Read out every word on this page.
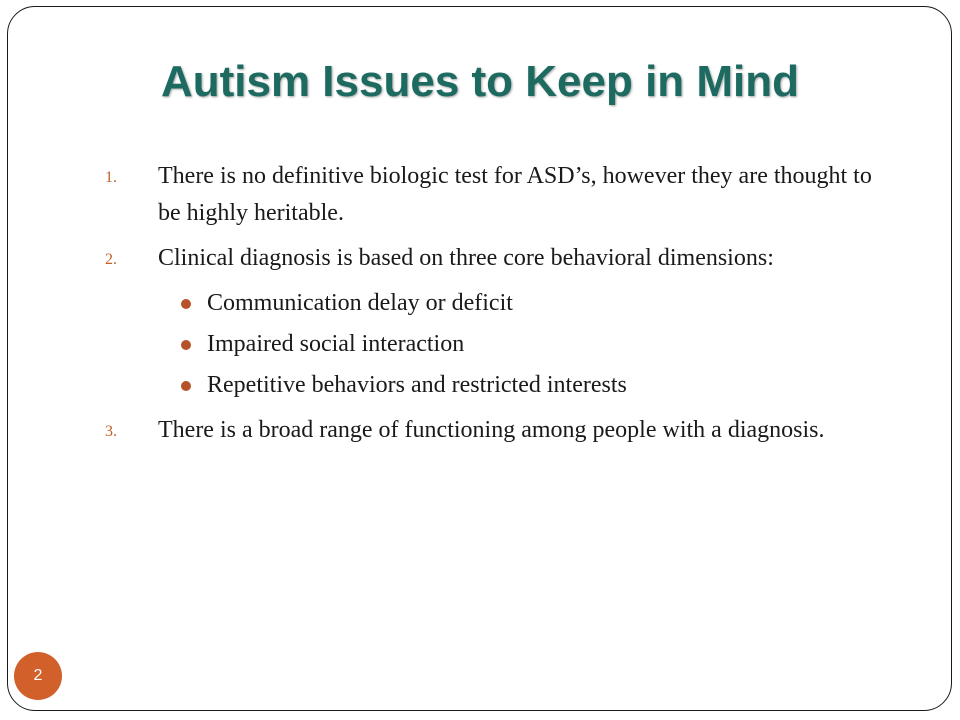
Autism Issues to Keep in Mind
1. There is no definitive biologic test for ASD’s, however they are thought to be highly heritable.
2. Clinical diagnosis is based on three core behavioral dimensions:
Communication delay or deficit
Impaired social interaction
Repetitive behaviors and restricted interests
3. There is a broad range of functioning among people with a diagnosis.
2
